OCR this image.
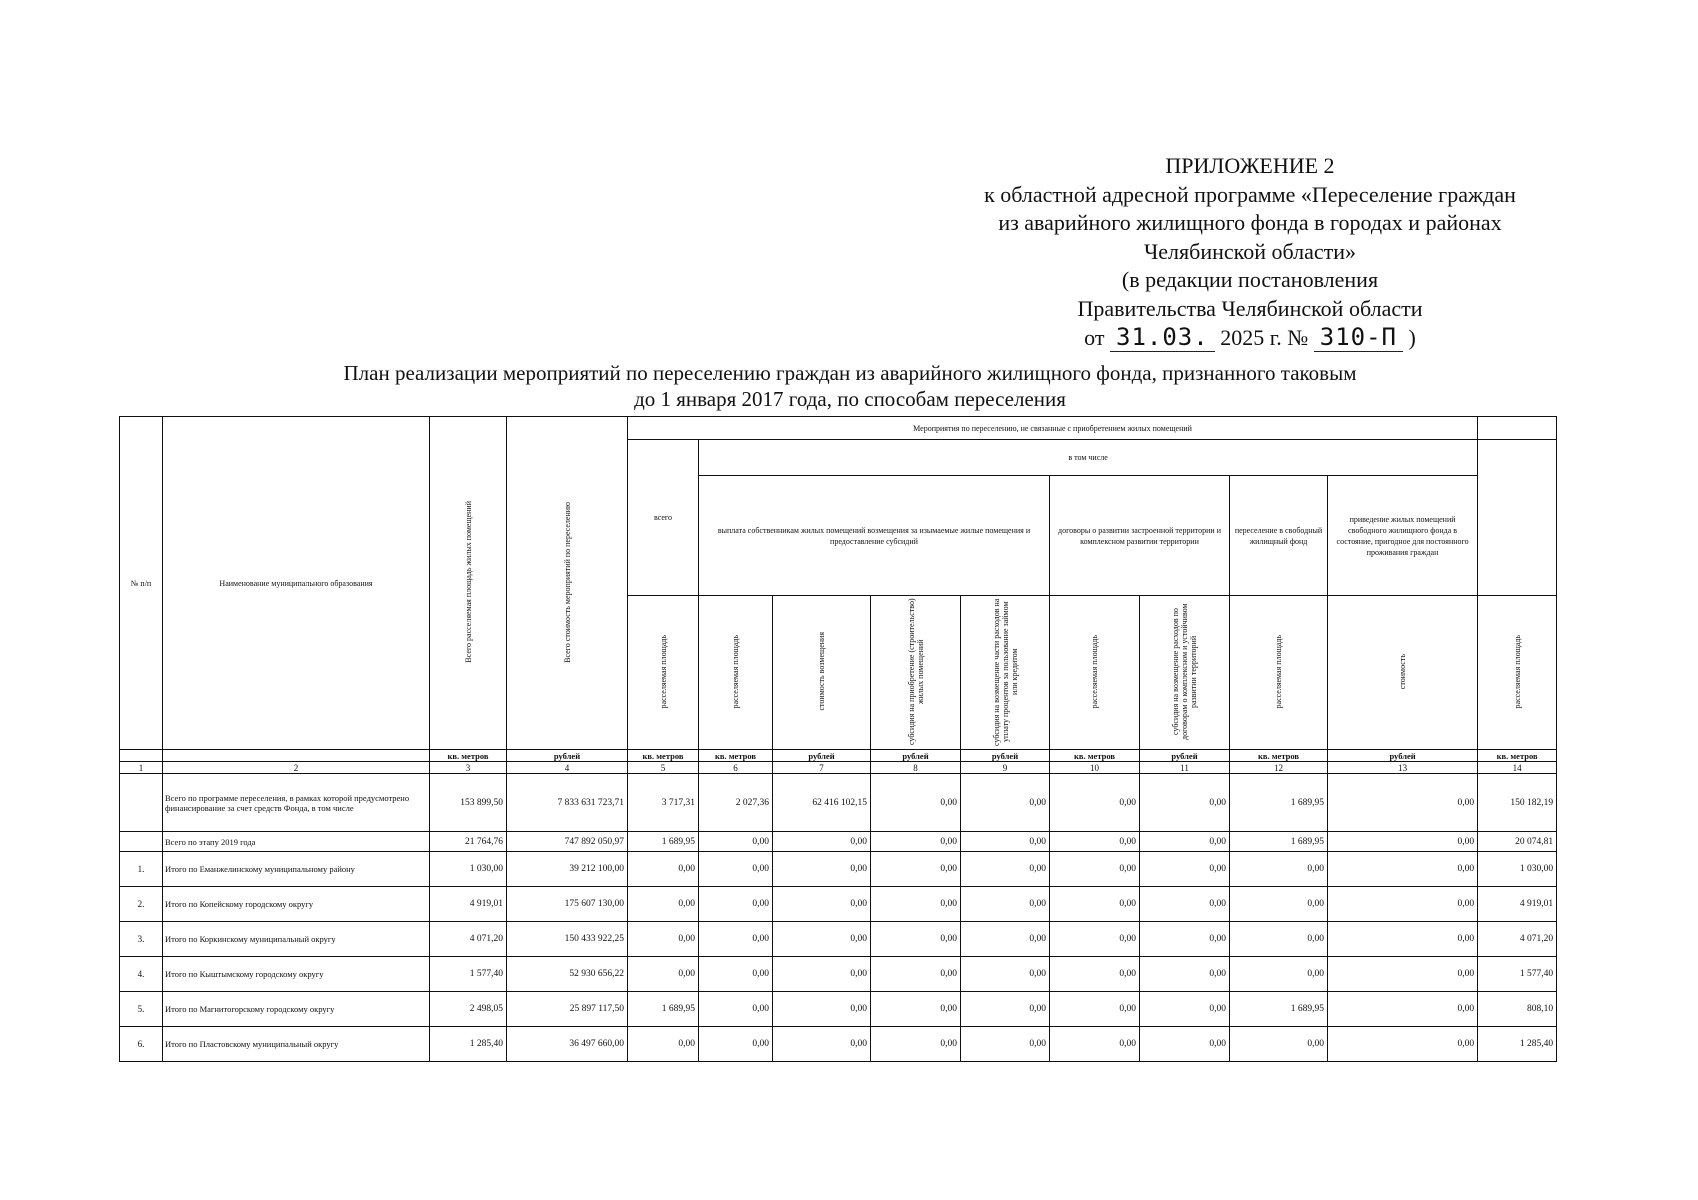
ПРИЛОЖЕНИЕ 2
к областной адресной программе «Переселение граждан
из аварийного жилищного фонда в городах и районах
Челябинской области»
(в редакции постановления
Правительства Челябинской области
от 31.03. 2025 г. № 310-П )
План реализации мероприятий по переселению граждан из аварийного жилищного фонда, признанного таковым
до 1 января 2017 года, по способам переселения
№ п/п	Наименование муниципального образования	Всего расселяемая площадь жилых помещений	Всего стоимость мероприятий по переселению	Мероприятия по переселению, не связанные с приобретением жилых помещений									
				всего	в том числе								
					выплата собственникам жилых помещений возмещения за изымаемые жилые помещения и предоставление субсидий				договоры о развитии застроенной территории и комплексном развитии территории		переселение в свободный жилищный фонд	приведение жилых помещений свободного жилищного фонда в состояние, пригодное для постоянного проживания граждан	
				расселяемая площадь	расселяемая площадь	стоимость возмещения	субсидия на приобретение (строительство) жилых помещений	субсидия на возмещение части расходов на уплату процентов за пользование займом или кредитом	расселяемая площадь	субсидия на возмещение расходов по договорам о комплексном и устойчивом развитии территорий	расселяемая площадь	стоимость	расселяемая площадь
		кв. метров	рублей	кв. метров	кв. метров	рублей	рублей	рублей	кв. метров	рублей	кв. метров	рублей	кв. метров
1	2	3	4	5	6	7	8	9	10	11	12	13	14
	Всего по программе переселения, в рамках которой предусмотрено финансирование за счет средств Фонда, в том числе	153 899,50	7 833 631 723,71	3 717,31	2 027,36	62 416 102,15	0,00	0,00	0,00	0,00	1 689,95	0,00	150 182,19
	Всего по этапу 2019 года	21 764,76	747 892 050,97	1 689,95	0,00	0,00	0,00	0,00	0,00	0,00	1 689,95	0,00	20 074,81
1.	Итого по Еманжелинскому муниципальному району	1 030,00	39 212 100,00	0,00	0,00	0,00	0,00	0,00	0,00	0,00	0,00	0,00	1 030,00
2.	Итого по Копейскому городскому округу	4 919,01	175 607 130,00	0,00	0,00	0,00	0,00	0,00	0,00	0,00	0,00	0,00	4 919,01
3.	Итого по Коркинскому муниципальный округу	4 071,20	150 433 922,25	0,00	0,00	0,00	0,00	0,00	0,00	0,00	0,00	0,00	4 071,20
4.	Итого по Кыштымскому городскому округу	1 577,40	52 930 656,22	0,00	0,00	0,00	0,00	0,00	0,00	0,00	0,00	0,00	1 577,40
5.	Итого по Магнитогорскому городскому округу	2 498,05	25 897 117,50	1 689,95	0,00	0,00	0,00	0,00	0,00	0,00	1 689,95	0,00	808,10
6.	Итого по Пластовскому муниципальный округу	1 285,40	36 497 660,00	0,00	0,00	0,00	0,00	0,00	0,00	0,00	0,00	0,00	1 285,40
